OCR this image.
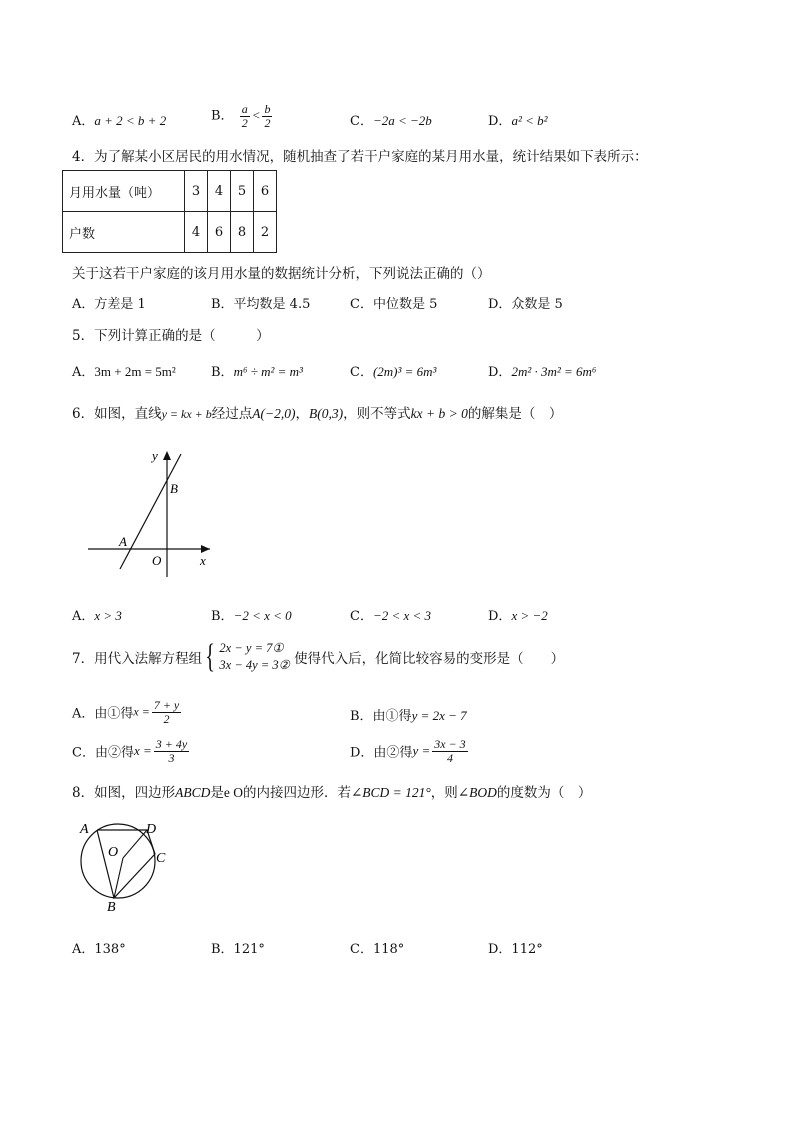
A．a + 2 < b + 2	B． $\frac{a}{2} < \frac{b}{2}$	C．−2a < −2b	D．a² < b²
4．为了解某小区居民的用水情况，随机抽查了若干户家庭的某月用水量，统计结果如下表所示：
月用水量（吨）	3	4	5	6
户数	4	6	8	2
关于这若干户家庭的该月用水量的数据统计分析，下列说法正确的（）
A．方差是 1	B．平均数是 4.5	C．中位数是 5	D．众数是 5
5．下列计算正确的是（　　　）
A．3m + 2m = 5m²	B．m⁶ ÷ m² = m³	C．(2m)³ = 6m³	D．2m² · 3m² = 6m⁶
6．如图，直线y = kx + b经过点A(−2,0)，B(0,3)，则不等式kx + b > 0的解集是（　）
y
x
B
A
O
A．x > 3	B．−2 < x < 0	C．−2 < x < 3	D．x > −2
7．用代入法解方程组{ 2x − y = 7①
3x − 4y = 3② 使得代入后，化简比较容易的变形是（　　）
A．由①得$x = \frac{7 + y}{2}$	B．由①得y = 2x − 7
C．由②得$x = \frac{3 + 4y}{3}$	D．由②得$y = \frac{3x - 3}{4}$
8．如图，四边形ABCD是e O的内接四边形．若∠BCD = 121°，则∠BOD的度数为（　）
A	D
O	C
B
A．138°	B．121°	C．118°	D．112°
